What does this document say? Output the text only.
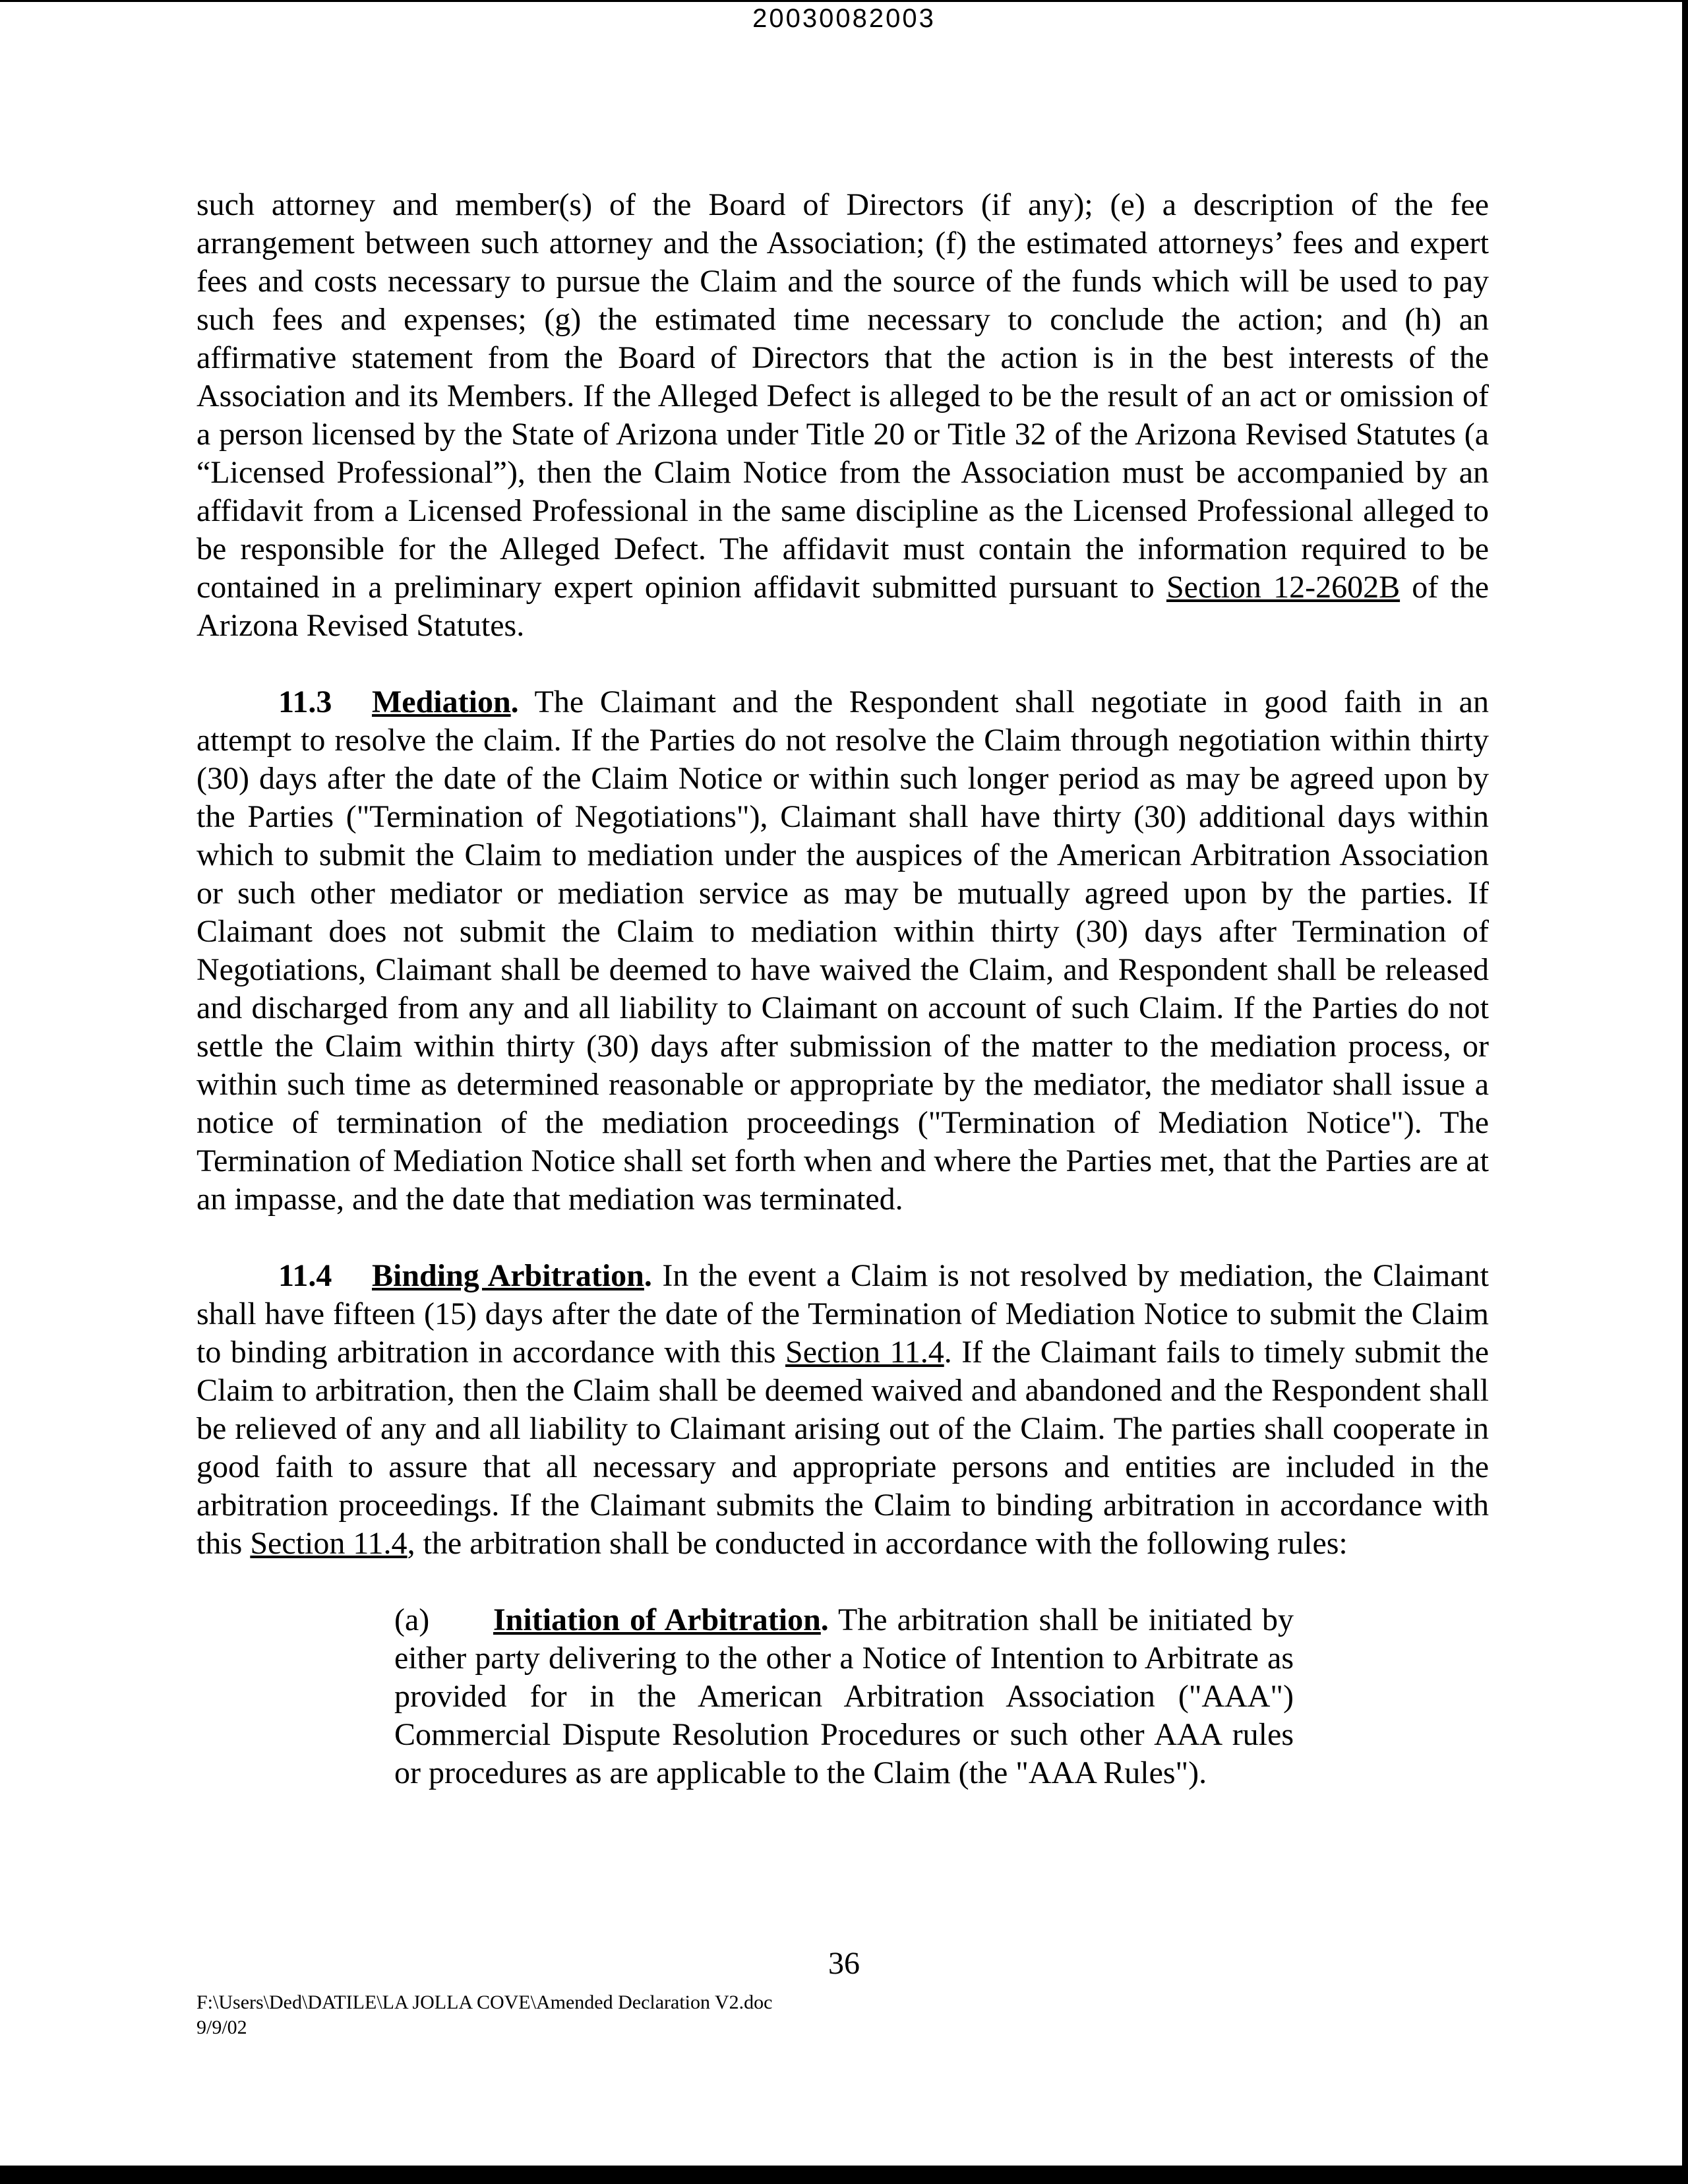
20030082003

such attorney and member(s) of the Board of Directors (if any); (e) a description of the fee arrangement between such attorney and the Association; (f) the estimated attorneys’ fees and expert fees and costs necessary to pursue the Claim and the source of the funds which will be used to pay such fees and expenses; (g) the estimated time necessary to conclude the action; and (h) an affirmative statement from the Board of Directors that the action is in the best interests of the Association and its Members. If the Alleged Defect is alleged to be the result of an act or omission of a person licensed by the State of Arizona under Title 20 or Title 32 of the Arizona Revised Statutes (a “Licensed Professional”), then the Claim Notice from the Association must be accompanied by an affidavit from a Licensed Professional in the same discipline as the Licensed Professional alleged to be responsible for the Alleged Defect. The affidavit must contain the information required to be contained in a preliminary expert opinion affidavit submitted pursuant to Section 12-2602B of the Arizona Revised Statutes.

11.3 Mediation. The Claimant and the Respondent shall negotiate in good faith in an attempt to resolve the claim. If the Parties do not resolve the Claim through negotiation within thirty (30) days after the date of the Claim Notice or within such longer period as may be agreed upon by the Parties ("Termination of Negotiations"), Claimant shall have thirty (30) additional days within which to submit the Claim to mediation under the auspices of the American Arbitration Association or such other mediator or mediation service as may be mutually agreed upon by the parties. If Claimant does not submit the Claim to mediation within thirty (30) days after Termination of Negotiations, Claimant shall be deemed to have waived the Claim, and Respondent shall be released and discharged from any and all liability to Claimant on account of such Claim. If the Parties do not settle the Claim within thirty (30) days after submission of the matter to the mediation process, or within such time as determined reasonable or appropriate by the mediator, the mediator shall issue a notice of termination of the mediation proceedings ("Termination of Mediation Notice"). The Termination of Mediation Notice shall set forth when and where the Parties met, that the Parties are at an impasse, and the date that mediation was terminated.

11.4 Binding Arbitration. In the event a Claim is not resolved by mediation, the Claimant shall have fifteen (15) days after the date of the Termination of Mediation Notice to submit the Claim to binding arbitration in accordance with this Section 11.4. If the Claimant fails to timely submit the Claim to arbitration, then the Claim shall be deemed waived and abandoned and the Respondent shall be relieved of any and all liability to Claimant arising out of the Claim. The parties shall cooperate in good faith to assure that all necessary and appropriate persons and entities are included in the arbitration proceedings. If the Claimant submits the Claim to binding arbitration in accordance with this Section 11.4, the arbitration shall be conducted in accordance with the following rules:

(a) Initiation of Arbitration. The arbitration shall be initiated by either party delivering to the other a Notice of Intention to Arbitrate as provided for in the American Arbitration Association ("AAA") Commercial Dispute Resolution Procedures or such other AAA rules or procedures as are applicable to the Claim (the "AAA Rules").

36
F:\Users\Ded\DATILE\LA JOLLA COVE\Amended Declaration V2.doc
9/9/02
